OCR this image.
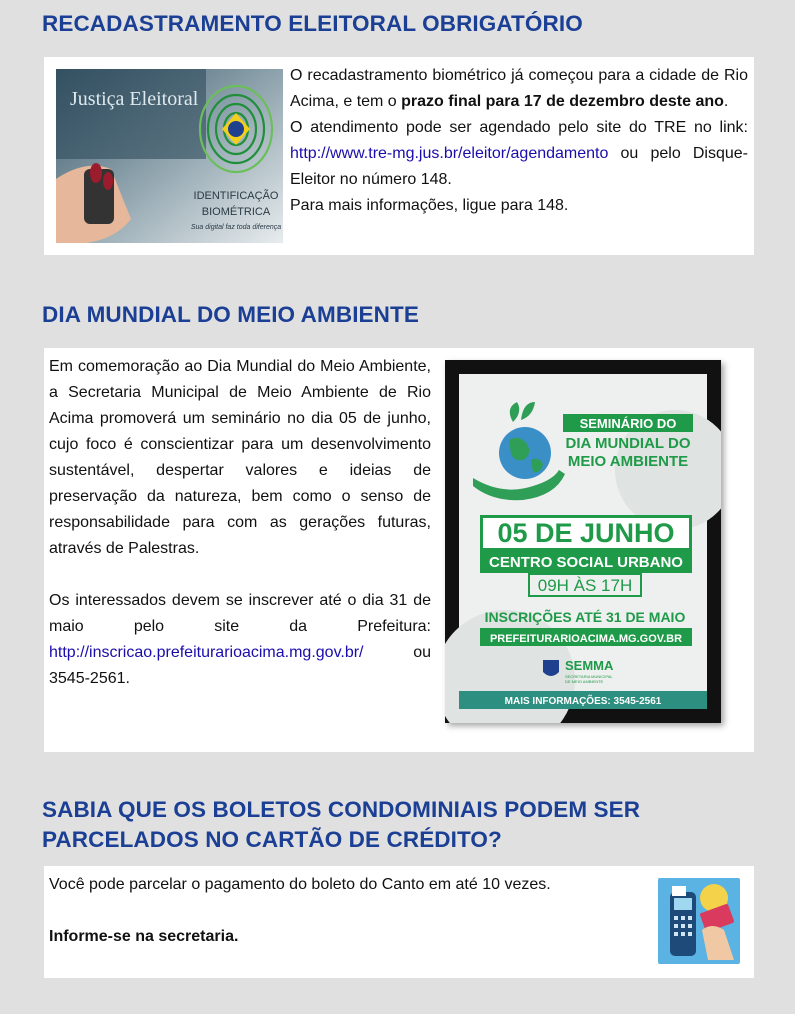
RECADASTRAMENTO ELEITORAL OBRIGATÓRIO
Justiça Eleitoral
IDENTIFICAÇÃO
BIOMÉTRICA
Sua digital faz toda diferença
O recadastramento biométrico já começou para a cidade de Rio Acima, e tem o prazo final para 17 de dezembro deste ano.
O atendimento pode ser agendado pelo site do TRE no link: http://www.tre-mg.jus.br/eleitor/agendamento ou pelo Disque-Eleitor no número 148.
Para mais informações, ligue para 148.
DIA MUNDIAL DO MEIO AMBIENTE
Em comemoração ao Dia Mundial do Meio Ambiente, a Secretaria Municipal de Meio Ambiente de Rio Acima promoverá um seminário no dia 05 de junho, cujo foco é conscientizar para um desenvolvimento sustentável, despertar valores e ideias de preservação da natureza, bem como o senso de responsabilidade para com as gerações futuras, através de Palestras.

Os interessados devem se inscrever até o dia 31 de maio pelo site da Prefeitura: http://inscricao.prefeiturarioacima.mg.gov.br/ ou 3545-2561.
SEMINÁRIO DO
DIA MUNDIAL DO
MEIO AMBIENTE
05 DE JUNHO
CENTRO SOCIAL URBANO
09H ÀS 17H
INSCRIÇÕES ATÉ 31 DE MAIO
PREFEITURARIOACIMA.MG.GOV.BR
SEMMA
SECRETARIA MUNICIPAL
DE MEIO AMBIENTE
MAIS INFORMAÇÕES: 3545-2561
SABIA QUE OS BOLETOS CONDOMINIAIS PODEM SER
PARCELADOS NO CARTÃO DE CRÉDITO?
Você pode parcelar o pagamento do boleto do Canto em até 10 vezes.

Informe-se na secretaria.
